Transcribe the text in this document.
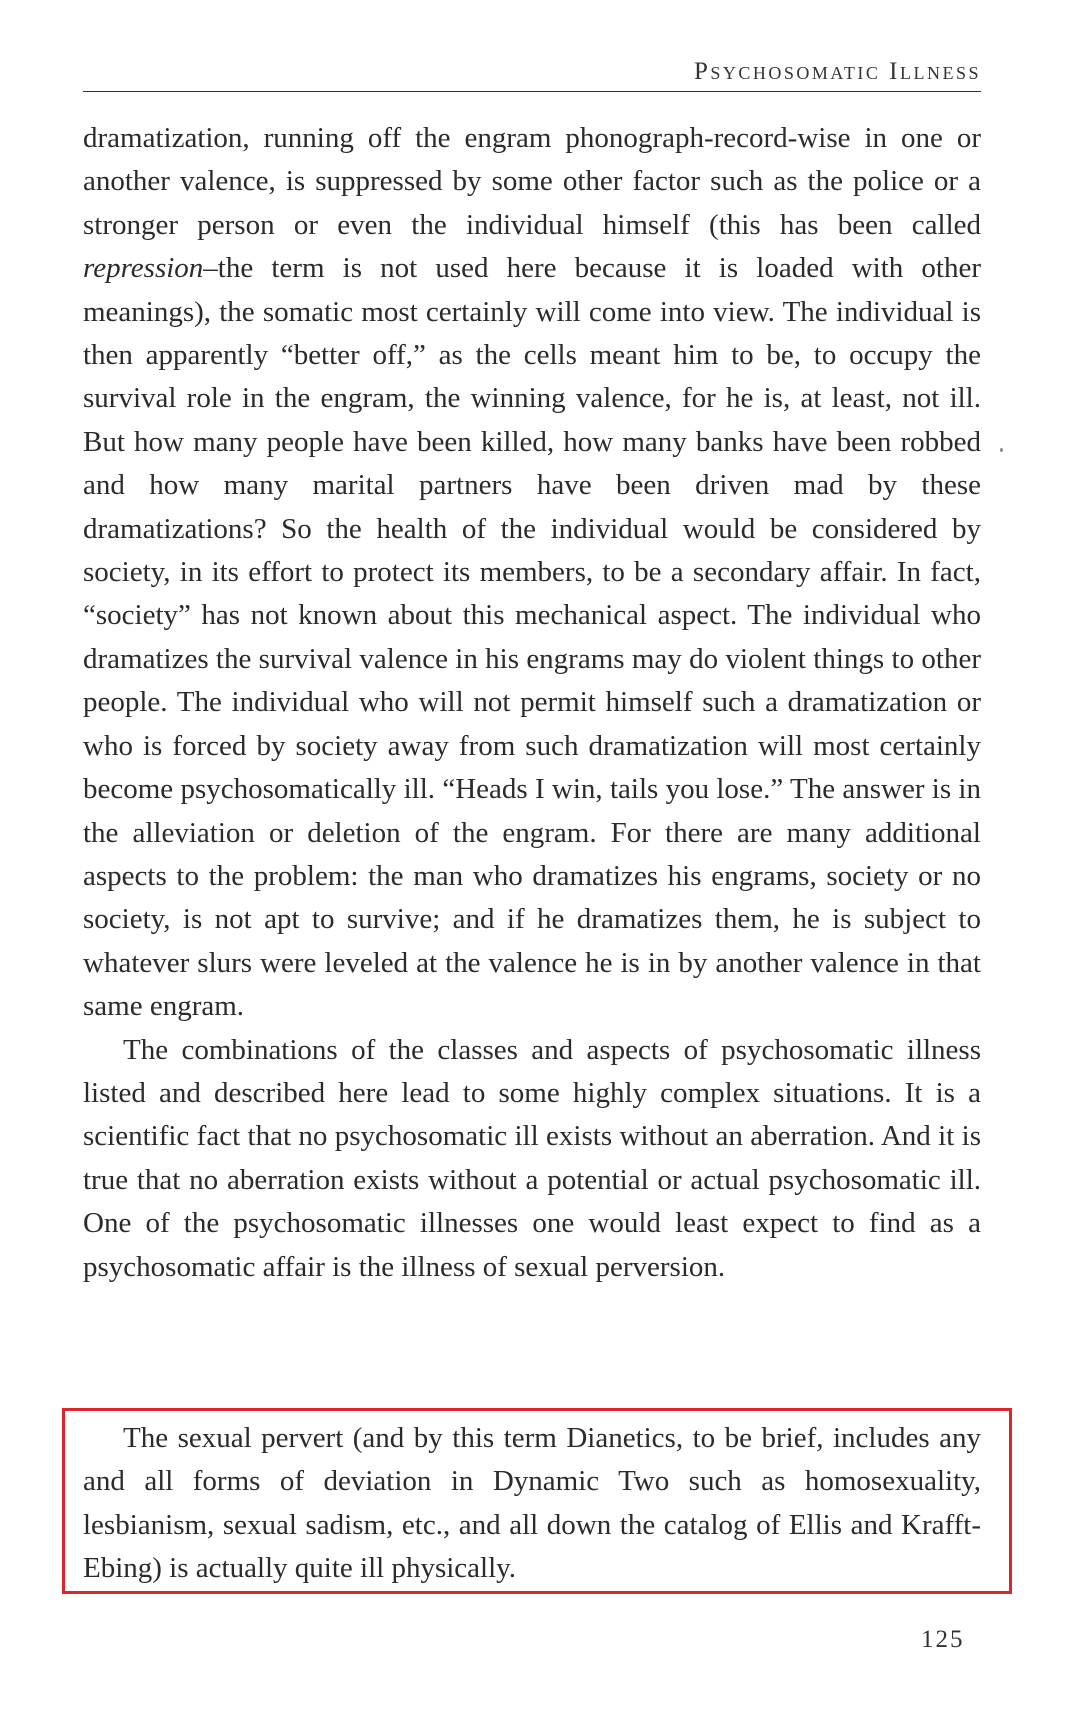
Psychosomatic Illness

dramatization, running off the engram phonograph-record-wise in one or another valence, is suppressed by some other factor such as the police or a stronger person or even the individual himself (this has been called repression–the term is not used here because it is loaded with other meanings), the somatic most certainly will come into view. The individual is then apparently “better off,” as the cells meant him to be, to occupy the survival role in the engram, the winning valence, for he is, at least, not ill. But how many people have been killed, how many banks have been robbed and how many marital partners have been driven mad by these dramatizations? So the health of the individual would be considered by society, in its effort to protect its members, to be a secondary affair. In fact, “society” has not known about this mechanical aspect. The individual who dramatizes the survival valence in his engrams may do violent things to other people. The individual who will not permit himself such a dramatization or who is forced by society away from such dramatization will most certainly become psychosomatically ill. “Heads I win, tails you lose.” The answer is in the alleviation or deletion of the engram. For there are many additional aspects to the problem: the man who dramatizes his engrams, society or no society, is not apt to survive; and if he dramatizes them, he is subject to whatever slurs were leveled at the valence he is in by another valence in that same engram.

The combinations of the classes and aspects of psychosomatic illness listed and described here lead to some highly complex situations. It is a scientific fact that no psychosomatic ill exists without an aberration. And it is true that no aberration exists without a potential or actual psychosomatic ill. One of the psychosomatic illnesses one would least expect to find as a psychosomatic affair is the illness of sexual perversion.

The sexual pervert (and by this term Dianetics, to be brief, includes any and all forms of deviation in Dynamic Two such as homosexuality, lesbianism, sexual sadism, etc., and all down the catalog of Ellis and Krafft-Ebing) is actually quite ill physically.

125
